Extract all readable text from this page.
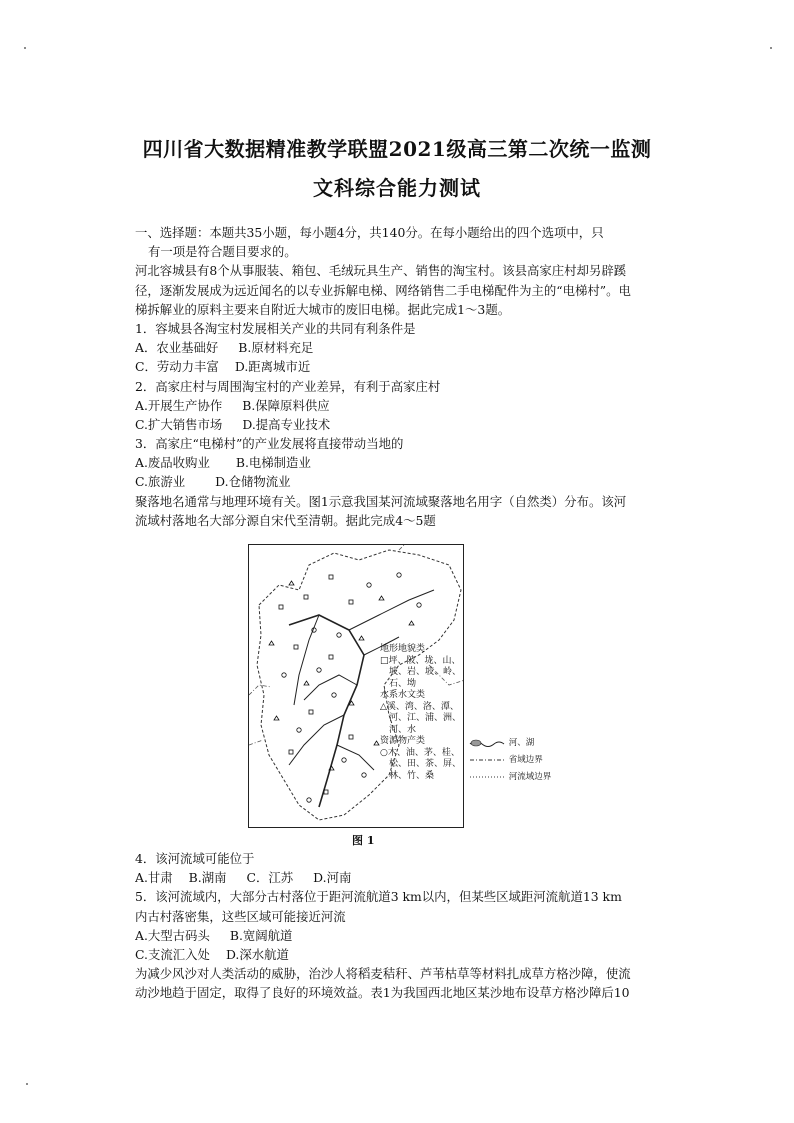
四川省大数据精准教学联盟2021级高三第二次统一监测
文科综合能力测试
一、选择题：本题共35小题，每小题4分，共140分。在每小题给出的四个选项中，只
有一项是符合题目要求的。
河北容城县有8个从事服装、箱包、毛绒玩具生产、销售的淘宝村。该县高家庄村却另辟蹊
径，逐渐发展成为远近闻名的以专业拆解电梯、网络销售二手电梯配件为主的“电梯村”。电
梯拆解业的原料主要来自附近大城市的废旧电梯。据此完成1～3题。
1．容城县各淘宝村发展相关产业的共同有利条件是
A．农业基础好 B.原材料充足
C．劳动力丰富 D.距离城市近
2．高家庄村与周围淘宝村的产业差异，有利于高家庄村
A.开展生产协作 B.保障原料供应
C.扩大销售市场 D.提高专业技术
3．高家庄“电梯村”的产业发展将直接带动当地的
A.废品收购业 B.电梯制造业
C.旅游业 D.仓储物流业
聚落地名通常与地理环境有关。图1示意我国某河流域聚落地名用字（自然类）分布。该河
流域村落地名大部分源自宋代至清朝。据此完成4～5题
地形地貌类
□坪、陂、垅、山、
　坡、岩、坡、岭、
　石、坳
水系水文类
△溪、湾、洛、潭、
　河、江、浦、洲、
　河、水
资源物产类
○木、油、茅、桂、
　松、田、茶、屏、
　林、竹、桑
河、湖
省域边界
河流域边界
图 1
4．该河流域可能位于
A.甘肃 B.湖南 C．江苏 D.河南
5．该河流域内，大部分古村落位于距河流航道3 km以内，但某些区域距河流航道13 km
内古村落密集，这些区域可能接近河流
A.大型古码头 B.宽阔航道
C.支流汇入处 D.深水航道
为减少风沙对人类活动的威胁，治沙人将稻麦秸秆、芦苇枯草等材料扎成草方格沙障，使流
动沙地趋于固定，取得了良好的环境效益。表1为我国西北地区某沙地布设草方格沙障后10
